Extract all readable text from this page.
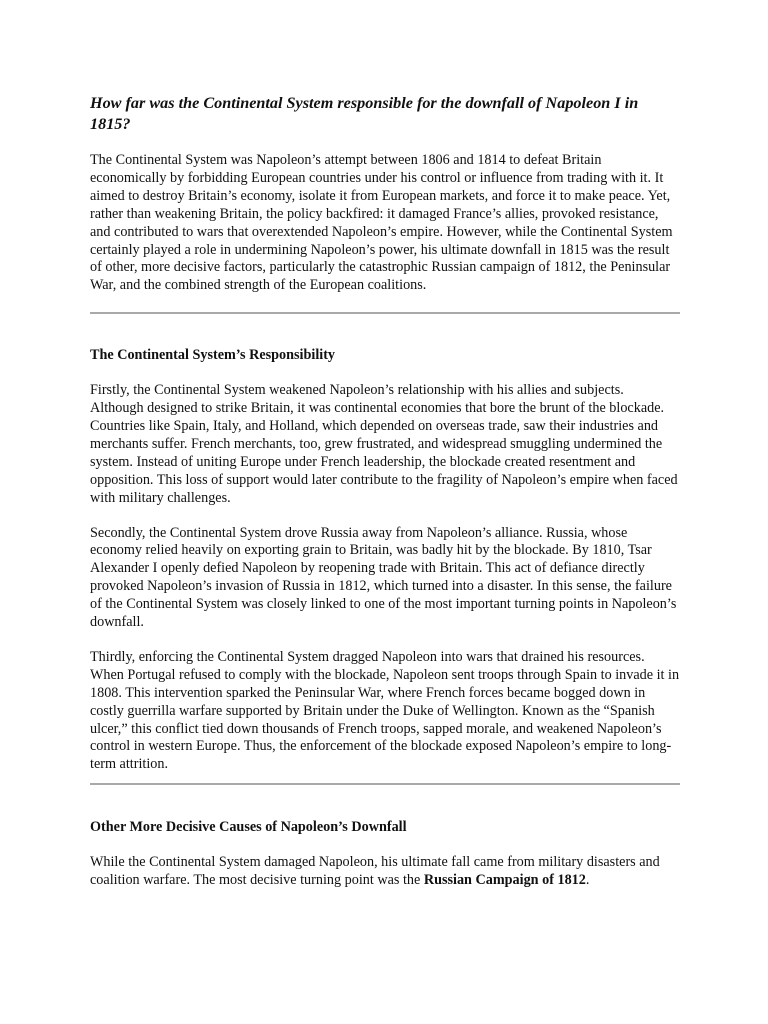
How far was the Continental System responsible for the downfall of Napoleon I in 1815?

The Continental System was Napoleon’s attempt between 1806 and 1814 to defeat Britain economically by forbidding European countries under his control or influence from trading with it. It aimed to destroy Britain’s economy, isolate it from European markets, and force it to make peace. Yet, rather than weakening Britain, the policy backfired: it damaged France’s allies, provoked resistance, and contributed to wars that overextended Napoleon’s empire. However, while the Continental System certainly played a role in undermining Napoleon’s power, his ultimate downfall in 1815 was the result of other, more decisive factors, particularly the catastrophic Russian campaign of 1812, the Peninsular War, and the combined strength of the European coalitions.

The Continental System’s Responsibility

Firstly, the Continental System weakened Napoleon’s relationship with his allies and subjects. Although designed to strike Britain, it was continental economies that bore the brunt of the blockade. Countries like Spain, Italy, and Holland, which depended on overseas trade, saw their industries and merchants suffer. French merchants, too, grew frustrated, and widespread smuggling undermined the system. Instead of uniting Europe under French leadership, the blockade created resentment and opposition. This loss of support would later contribute to the fragility of Napoleon’s empire when faced with military challenges.

Secondly, the Continental System drove Russia away from Napoleon’s alliance. Russia, whose economy relied heavily on exporting grain to Britain, was badly hit by the blockade. By 1810, Tsar Alexander I openly defied Napoleon by reopening trade with Britain. This act of defiance directly provoked Napoleon’s invasion of Russia in 1812, which turned into a disaster. In this sense, the failure of the Continental System was closely linked to one of the most important turning points in Napoleon’s downfall.

Thirdly, enforcing the Continental System dragged Napoleon into wars that drained his resources. When Portugal refused to comply with the blockade, Napoleon sent troops through Spain to invade it in 1808. This intervention sparked the Peninsular War, where French forces became bogged down in costly guerrilla warfare supported by Britain under the Duke of Wellington. Known as the “Spanish ulcer,” this conflict tied down thousands of French troops, sapped morale, and weakened Napoleon’s control in western Europe. Thus, the enforcement of the blockade exposed Napoleon’s empire to long-term attrition.

Other More Decisive Causes of Napoleon’s Downfall

While the Continental System damaged Napoleon, his ultimate fall came from military disasters and coalition warfare. The most decisive turning point was the Russian Campaign of 1812.
